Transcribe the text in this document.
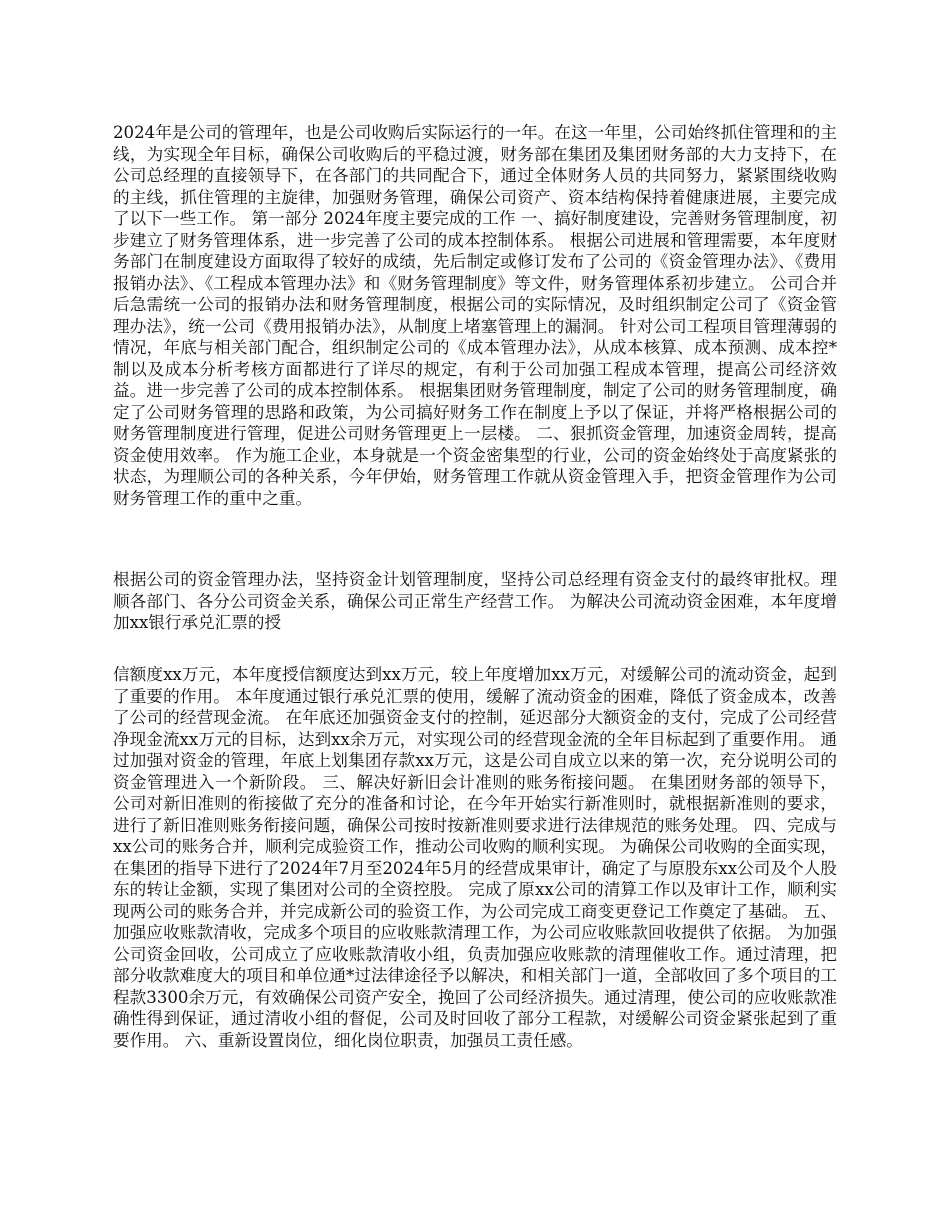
2024年是公司的管理年，也是公司收购后实际运行的一年。在这一年里，公司始终抓住管理和的主线，为实现全年目标，确保公司收购后的平稳过渡，财务部在集团及集团财务部的大力支持下，在公司总经理的直接领导下，在各部门的共同配合下，通过全体财务人员的共同努力，紧紧围绕收购的主线，抓住管理的主旋律，加强财务管理，确保公司资产、资本结构保持着健康进展，主要完成了以下一些工作。 第一部分 2024年度主要完成的工作 一、搞好制度建设，完善财务管理制度，初步建立了财务管理体系，进一步完善了公司的成本控制体系。 根据公司进展和管理需要，本年度财务部门在制度建设方面取得了较好的成绩，先后制定或修订发布了公司的《资金管理办法》、《费用报销办法》、《工程成本管理办法》和《财务管理制度》等文件，财务管理体系初步建立。 公司合并后急需统一公司的报销办法和财务管理制度，根据公司的实际情况，及时组织制定公司了《资金管理办法》，统一公司《费用报销办法》，从制度上堵塞管理上的漏洞。 针对公司工程项目管理薄弱的情况，年底与相关部门配合，组织制定公司的《成本管理办法》，从成本核算、成本预测、成本控*制以及成本分析考核方面都进行了详尽的规定，有利于公司加强工程成本管理，提高公司经济效益。进一步完善了公司的成本控制体系。 根据集团财务管理制度，制定了公司的财务管理制度，确定了公司财务管理的思路和政策，为公司搞好财务工作在制度上予以了保证，并将严格根据公司的财务管理制度进行管理，促进公司财务管理更上一层楼。 二、狠抓资金管理，加速资金周转，提高资金使用效率。 作为施工企业，本身就是一个资金密集型的行业，公司的资金始终处于高度紧张的状态，为理顺公司的各种关系，今年伊始，财务管理工作就从资金管理入手，把资金管理作为公司财务管理工作的重中之重。

根据公司的资金管理办法，坚持资金计划管理制度，坚持公司总经理有资金支付的最终审批权。理顺各部门、各分公司资金关系，确保公司正常生产经营工作。 为解决公司流动资金困难，本年度增加xx银行承兑汇票的授

信额度xx万元，本年度授信额度达到xx万元，较上年度增加xx万元，对缓解公司的流动资金，起到了重要的作用。 本年度通过银行承兑汇票的使用，缓解了流动资金的困难，降低了资金成本，改善了公司的经营现金流。 在年底还加强资金支付的控制，延迟部分大额资金的支付，完成了公司经营净现金流xx万元的目标，达到xx余万元，对实现公司的经营现金流的全年目标起到了重要作用。 通过加强对资金的管理，年底上划集团存款xx万元，这是公司自成立以来的第一次，充分说明公司的资金管理进入一个新阶段。 三、解决好新旧会计准则的账务衔接问题。 在集团财务部的领导下，公司对新旧准则的衔接做了充分的准备和讨论，在今年开始实行新准则时，就根据新准则的要求，进行了新旧准则账务衔接问题，确保公司按时按新准则要求进行法律规范的账务处理。 四、完成与xx公司的账务合并，顺利完成验资工作，推动公司收购的顺利实现。 为确保公司收购的全面实现，在集团的指导下进行了2024年7月至2024年5月的经营成果审计，确定了与原股东xx公司及个人股东的转让金额，实现了集团对公司的全资控股。 完成了原xx公司的清算工作以及审计工作，顺利实现两公司的账务合并，并完成新公司的验资工作，为公司完成工商变更登记工作奠定了基础。 五、加强应收账款清收，完成多个项目的应收账款清理工作，为公司应收账款回收提供了依据。 为加强公司资金回收，公司成立了应收账款清收小组，负责加强应收账款的清理催收工作。通过清理，把部分收款难度大的项目和单位通*过法律途径予以解决，和相关部门一道，全部收回了多个项目的工程款3300余万元，有效确保公司资产安全，挽回了公司经济损失。通过清理，使公司的应收账款准确性得到保证，通过清收小组的督促，公司及时回收了部分工程款，对缓解公司资金紧张起到了重要作用。 六、重新设置岗位，细化岗位职责，加强员工责任感。
